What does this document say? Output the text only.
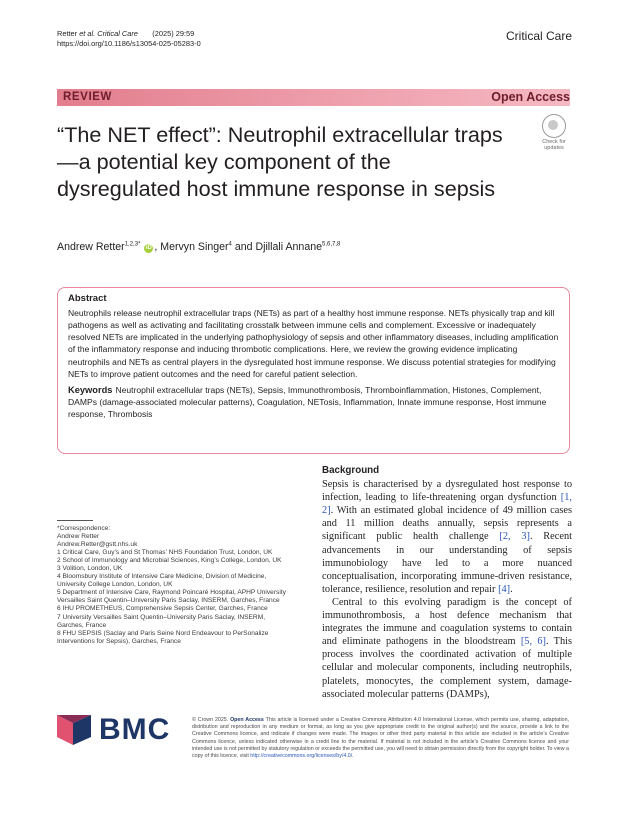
Retter et al. Critical Care (2025) 29:59
https://doi.org/10.1186/s13054-025-05283-0
Critical Care
REVIEW	Open Access
“The NET effect”: Neutrophil extracellular traps—a potential key component of the dysregulated host immune response in sepsis
Check for updates
Andrew Retter$^{1,2,3*}$ iD , Mervyn Singer$^4$ and Djillali Annane$^{5,6,7,8}$
Abstract

Neutrophils release neutrophil extracellular traps (NETs) as part of a healthy host immune response. NETs physically trap and kill pathogens as well as activating and facilitating crosstalk between immune cells and complement. Excessive or inadequately resolved NETs are implicated in the underlying pathophysiology of sepsis and other inflammatory diseases, including amplification of the inflammatory response and inducing thrombotic complications. Here, we review the growing evidence implicating neutrophils and NETs as central players in the dysregulated host immune response. We discuss potential strategies for modifying NETs to improve patient outcomes and the need for careful patient selection.

Keywords Neutrophil extracellular traps (NETs), Sepsis, Immunothrombosis, Thromboinflammation, Histones, Complement, DAMPs (damage-associated molecular patterns), Coagulation, NETosis, Inflammation, Innate immune response, Host immune response, Thrombosis

*Correspondence:
Andrew Retter
Andrew.Retter@gstt.nhs.uk
1 Critical Care, Guy’s and St Thomas’ NHS Foundation Trust, London, UK
2 School of Immunology and Microbial Sciences, King’s College, London, UK
3 Volition, London, UK
4 Bloomsbury Institute of Intensive Care Medicine, Division of Medicine, University College London, London, UK
5 Department of Intensive Care, Raymond Poincaré Hospital, APHP University Versailles Saint Quentin–University Paris Saclay, INSERM, Garches, France
6 IHU PROMETHEUS, Comprehensive Sepsis Center, Garches, France
7 University Versailles Saint Quentin–University Paris Saclay, INSERM, Garches, France
8 FHU SEPSIS (Saclay and Paris Seine Nord Endeavour to PerSonalize Interventions for Sepsis), Garches, France
Background

Sepsis is characterised by a dysregulated host response to infection, leading to life-threatening organ dysfunction [1, 2]. With an estimated global incidence of 49 million cases and 11 million deaths annually, sepsis represents a significant public health challenge [2, 3]. Recent advancements in our understanding of sepsis immunobiology have led to a more nuanced conceptualisation, incorporating immune-driven resistance, tolerance, resilience, resolution and repair [4].

Central to this evolving paradigm is the concept of immunothrombosis, a host defence mechanism that integrates the immune and coagulation systems to contain and eliminate pathogens in the bloodstream [5, 6]. This process involves the coordinated activation of multiple cellular and molecular components, including neutrophils, platelets, monocytes, the complement system, damage-associated molecular patterns (DAMPs),

BMC	© Crown 2025. Open Access This article is licensed under a Creative Commons Attribution 4.0 International License, which permits use, sharing, adaptation, distribution and reproduction in any medium or format, as long as you give appropriate credit to the original author(s) and the source, provide a link to the Creative Commons licence, and indicate if changes were made. The images or other third party material in this article are included in the article’s Creative Commons licence, unless indicated otherwise in a credit line to the material. If material is not included in the article’s Creative Commons licence and your intended use is not permitted by statutory regulation or exceeds the permitted use, you will need to obtain permission directly from the copyright holder. To view a copy of this licence, visit http://creativecommons.org/licenses/by/4.0/.
